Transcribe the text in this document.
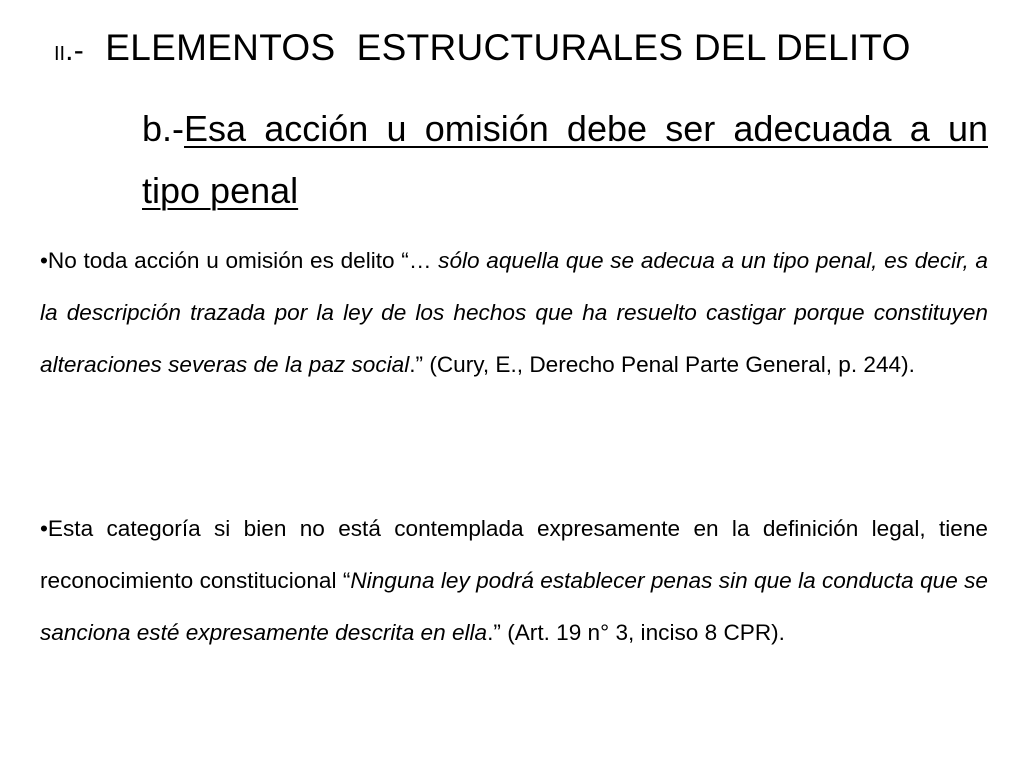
II.- ELEMENTOS  ESTRUCTURALES DEL DELITO
b.-Esa acción u omisión debe ser adecuada a un tipo penal

•No toda acción u omisión es delito “… sólo aquella que se adecua a un tipo penal, es decir, a la descripción trazada por la ley de los hechos que ha resuelto castigar porque constituyen alteraciones severas de la paz social.” (Cury, E., Derecho Penal Parte General, p. 244).

•Esta categoría si bien no está contemplada expresamente en la definición legal, tiene reconocimiento constitucional “Ninguna ley podrá establecer penas sin que la conducta que se sanciona esté expresamente descrita en ella.” (Art. 19 n° 3, inciso 8 CPR).
